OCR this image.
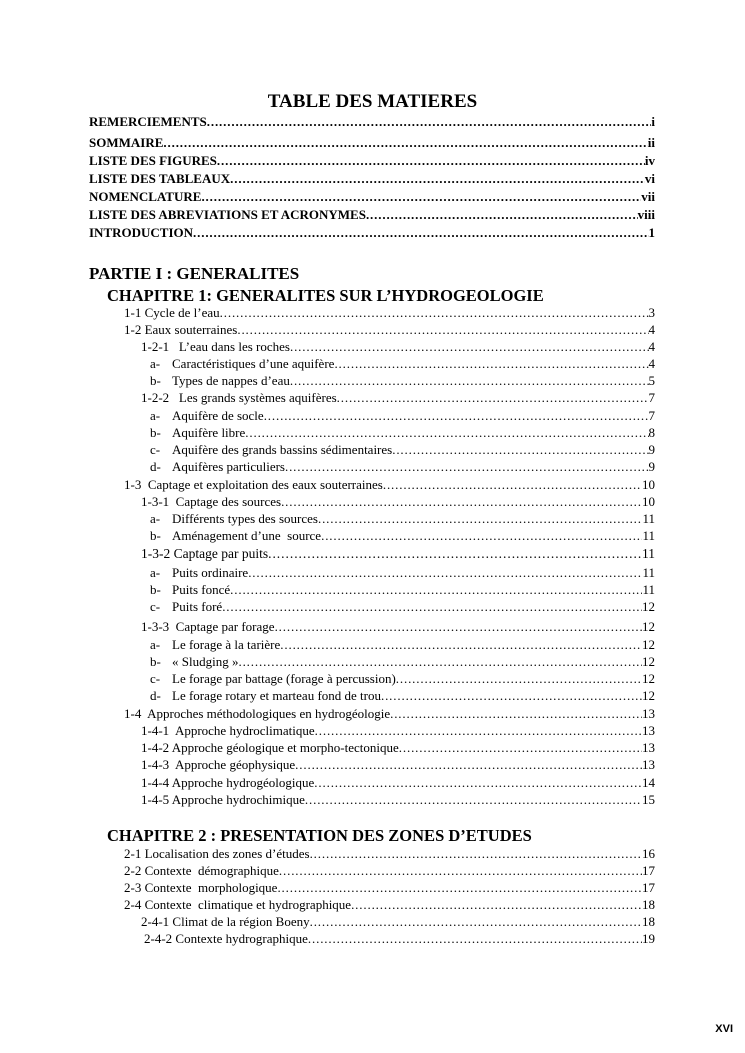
TABLE DES MATIERES
REMERCIEMENTS . . .	i
SOMMAIRE . . .	ii
LISTE DES FIGURES . . .	iv
LISTE DES TABLEAUX . . .	vi
NOMENCLATURE . . .	vii
LISTE DES ABREVIATIONS ET ACRONYMES . . .	viii
INTRODUCTION . . .	1
PARTIE I : GENERALITES
CHAPITRE 1: GENERALITES SUR L’HYDROGEOLOGIE
1-1 Cycle de l’eau . . .	3
1-2 Eaux souterraines . . .	4
1-2-1   L’eau dans les roches . . .	4
a- Caractéristiques d’une aquifère . . .	4
b- Types de nappes d’eau . . .	5
1-2-2   Les grands systèmes aquifères . . .	7
a- Aquifère de socle . . .	7
b- Aquifère libre . . .	8
c- Aquifère des grands bassins sédimentaires . . .	9
d- Aquifères particuliers . . .	9
1-3  Captage et exploitation des eaux souterraines . . .	10
1-3-1  Captage des sources . . .	10
a- Différents types des sources . . .	11
b- Aménagement d’une  source . . .	11
1-3-2 Captage par puits . . .	11
a- Puits ordinaire . . .	11
b- Puits foncé . . .	11
c- Puits foré . . .	12
1-3-3  Captage par forage . . .	12
a- Le forage à la tarière . . .	12
b- « Sludging » . . .	12
c- Le forage par battage (forage à percussion) . . .	12
d- Le forage rotary et marteau fond de trou . . .	12
1-4  Approches méthodologiques en hydrogéologie . . .	13
1-4-1  Approche hydroclimatique . . .	13
1-4-2 Approche géologique et morpho-tectonique . . .	13
1-4-3  Approche géophysique . . .	13
1-4-4 Approche hydrogéologique . . .	14
1-4-5 Approche hydrochimique . . .	15
CHAPITRE 2 : PRESENTATION DES ZONES D’ETUDES
2-1 Localisation des zones d’études . . .	16
2-2 Contexte  démographique . . .	17
2-3 Contexte  morphologique . . .	17
2-4 Contexte  climatique et hydrographique . . .	18
2-4-1 Climat de la région Boeny . . .	18
2-4-2 Contexte hydrographique . . .	19
XVI
